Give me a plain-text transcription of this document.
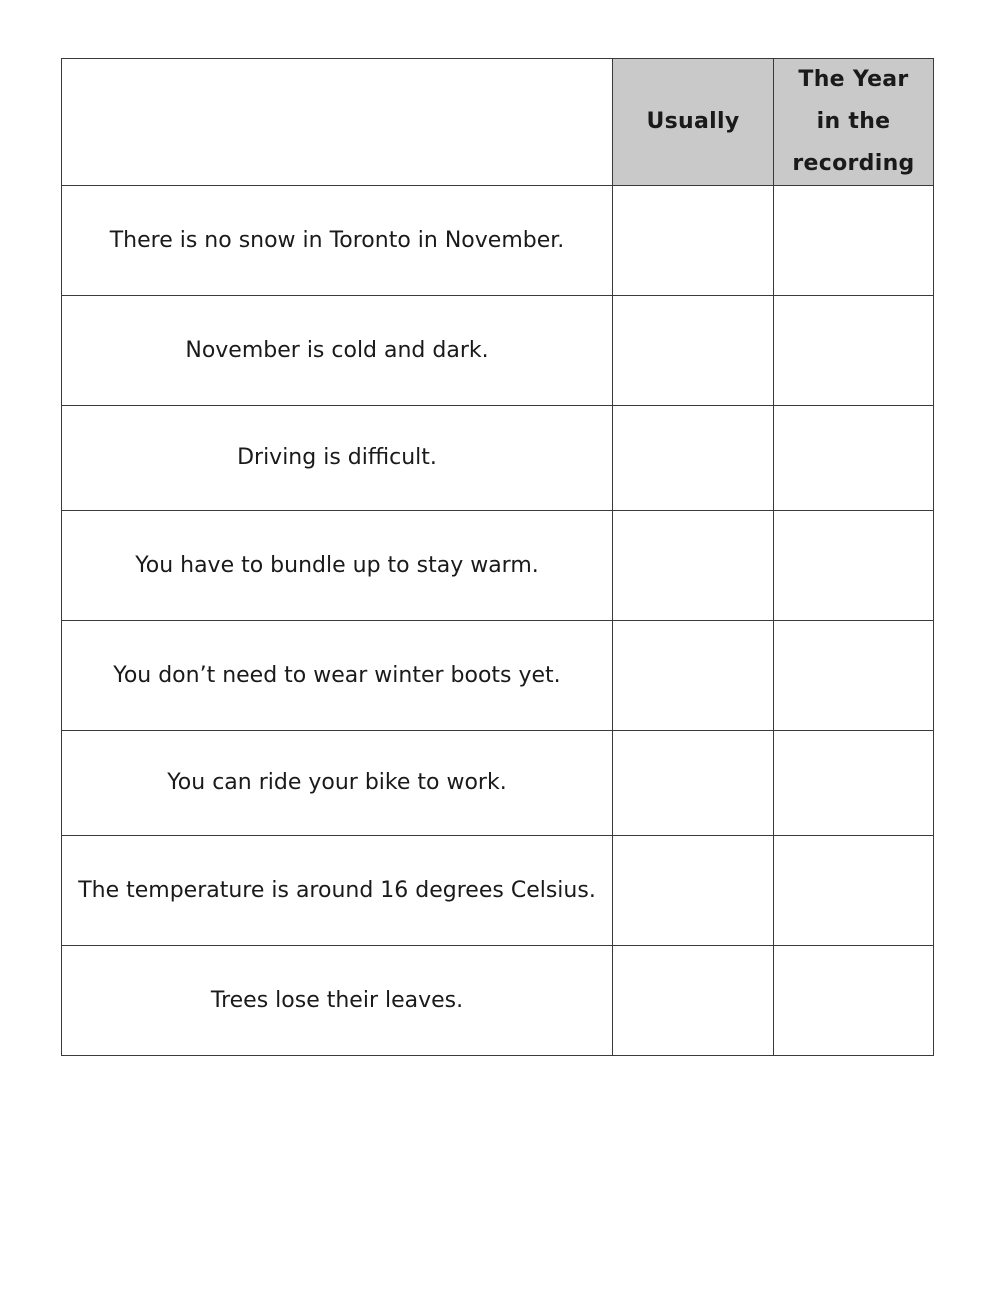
	Usually	The Year
in the
recording

There is no snow in Toronto in November.		
November is cold and dark.		
Driving is difficult.		
You have to bundle up to stay warm.		
You don’t need to wear winter boots yet.		
You can ride your bike to work.		
The temperature is around 16 degrees Celsius.		
Trees lose their leaves.		
